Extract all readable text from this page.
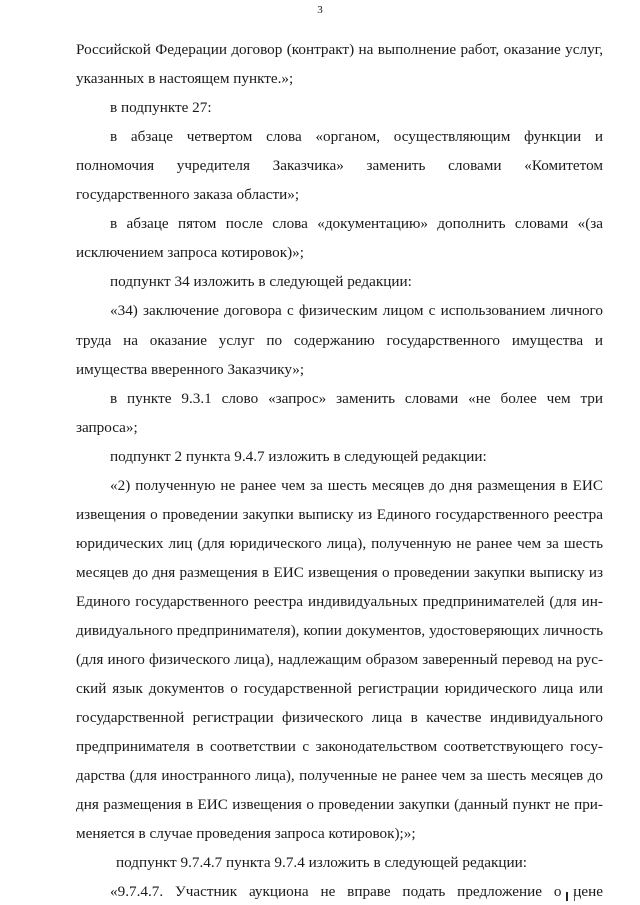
3
Российской Федерации договор (контракт) на выполнение работ, оказание услуг,
указанных в настоящем пункте.»;
в подпункте 27:
в абзаце четвертом слова «органом, осуществляющим функции и
полномочия учредителя Заказчика» заменить словами «Комитетом
государственного заказа области»;
в абзаце пятом после слова «документацию» дополнить словами «(за
исключением запроса котировок)»;
подпункт 34 изложить в следующей редакции:
«34) заключение договора с физическим лицом с использованием личного
труда на оказание услуг по содержанию государственного имущества и
имущества вверенного Заказчику»;
в пункте 9.3.1 слово «запрос» заменить словами «не более чем три
запроса»;
подпункт 2 пункта 9.4.7 изложить в следующей редакции:
«2) полученную не ранее чем за шесть месяцев до дня размещения в ЕИС
извещения о проведении закупки выписку из Единого государственного реестра
юридических лиц (для юридического лица), полученную не ранее чем за шесть
месяцев до дня размещения в ЕИС извещения о проведении закупки выписку из
Единого государственного реестра индивидуальных предпринимателей (для ин-
дивидуального предпринимателя), копии документов, удостоверяющих личность
(для иного физического лица), надлежащим образом заверенный перевод на рус-
ский язык документов о государственной регистрации юридического лица или
государственной регистрации физического лица в качестве индивидуального
предпринимателя в соответствии с законодательством соответствующего госу-
дарства (для иностранного лица), полученные не ранее чем за шесть месяцев до
дня размещения в ЕИС извещения о проведении закупки (данный пункт не при-
меняется в случае проведения запроса котировок);»;
подпункт 9.7.4.7 пункта 9.7.4 изложить в следующей редакции:
«9.7.4.7. Участник аукциона не вправе подать предложение о цене
